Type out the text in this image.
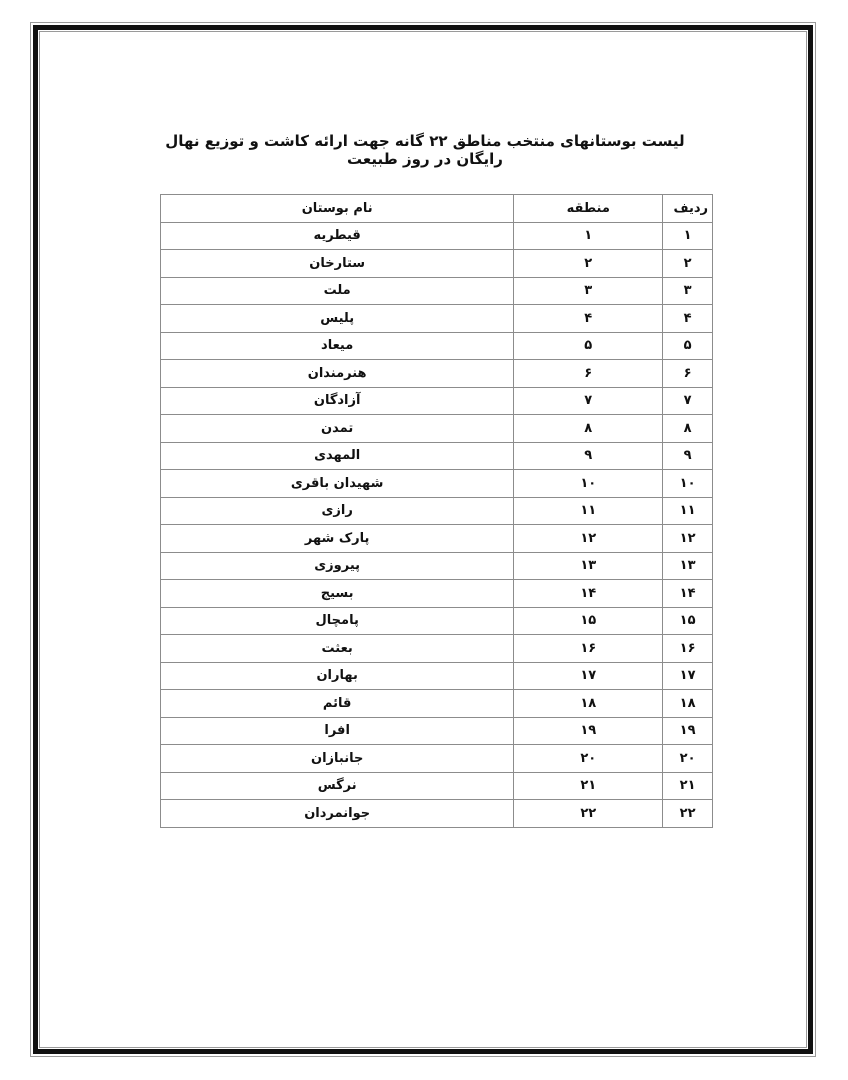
لیست بوستانهای منتخب مناطق ۲۲ گانه جهت ارائه کاشت و توزیع نهال رایگان در روز طبیعت
ردیف	منطقه	نام بوستان
۱	۱	قیطریه
۲	۲	ستارخان
۳	۳	ملت
۴	۴	پلیس
۵	۵	میعاد
۶	۶	هنرمندان
۷	۷	آزادگان
۸	۸	تمدن
۹	۹	المهدی
۱۰	۱۰	شهیدان باقری
۱۱	۱۱	رازی
۱۲	۱۲	پارک شهر
۱۳	۱۳	پیروزی
۱۴	۱۴	بسیج
۱۵	۱۵	پامچال
۱۶	۱۶	بعثت
۱۷	۱۷	بهاران
۱۸	۱۸	قائم
۱۹	۱۹	افرا
۲۰	۲۰	جانبازان
۲۱	۲۱	نرگس
۲۲	۲۲	جوانمردان
